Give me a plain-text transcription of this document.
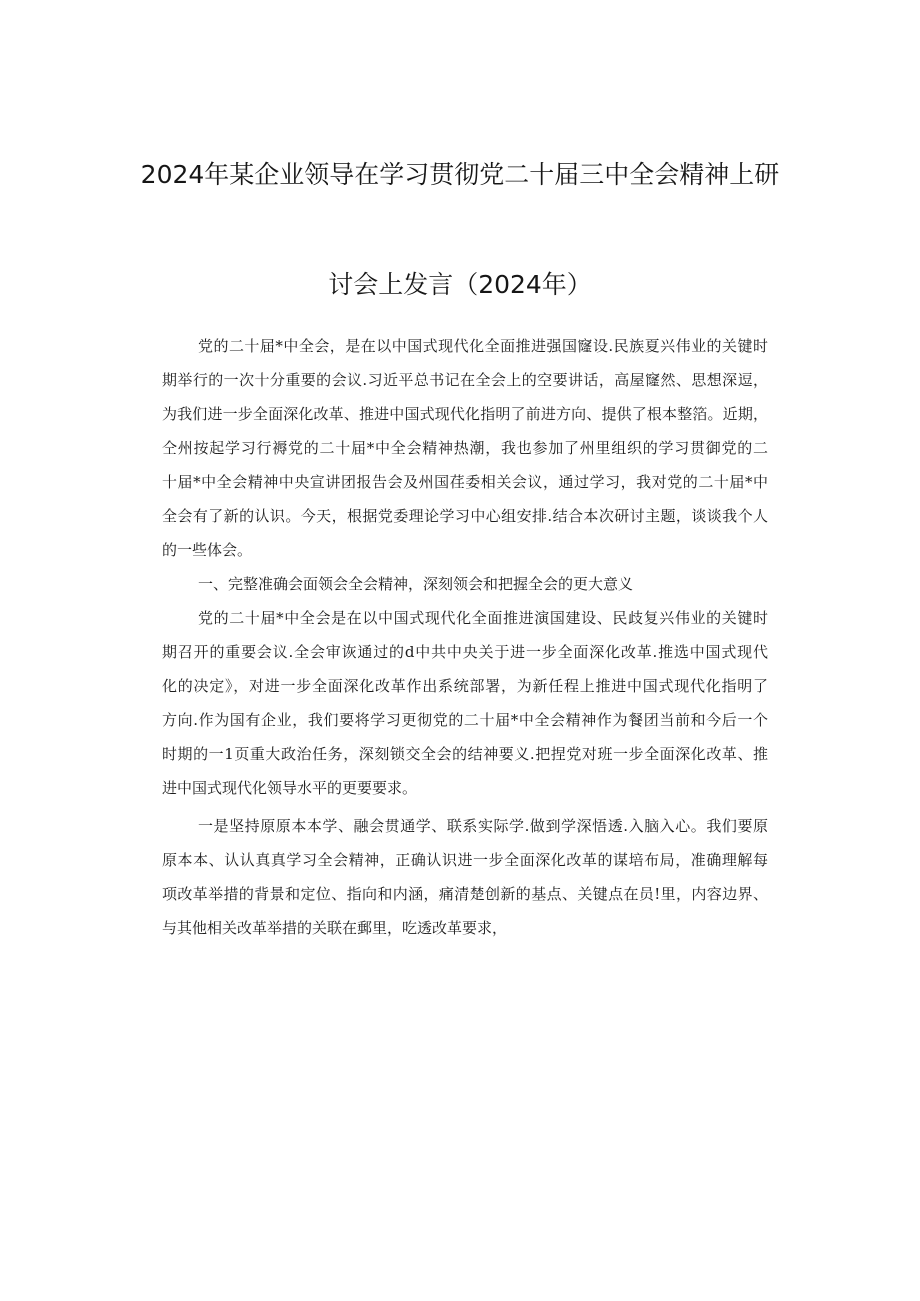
2024年某企业领导在学习贯彻党二十届三中全会精神上研
讨会上发言（2024年）
党的二十届*中全会，是在以中国式现代化全面推进强国窿设.民族夏兴伟业的关键时
期举行的一次十分重要的会议.习近平总书记在全会上的空要讲话，高屋窿然、思想深逗，
为我们进一步全面深化改革、推进中国式现代化指明了前进方向、提供了根本整箔。近期，
仝州按起学习行褥党的二十届*中全会精神热潮，我也参加了州里组织的学习贯御党的二
十届*中全会精神中央宣讲团报告会及州国荏委相关会议，通过学习，我对党的二十届*中
全会有了新的认识。今天，根据党委理论学习中心组安排.结合本次研讨主题，谈谈我个人
的一些体会。
一、完整准确会面领会全会精神，深刻领会和把握全会的更大意义
党的二十届*中全会是在以中国式现代化全面推进演国建设、民歧复兴伟业的关键时
期召开的重要会议.全会审诙通过的d中共中央关于进一步全面深化改革.推选中国式现代
化的决定》，对进一步全面深化改革作出系统部署，为新任程上推进中国式现代化指明了
方向.作为国有企业，我们要将学习更彻党的二十届*中全会精神作为餐团当前和今后一个
时期的一1页重大政治任务，深刻锁交全会的结神要义.把捏党对班一步全面深化改革、推
进中国式现代化领导水平的更要要求。
一是坚持原原本本学、融会贯通学、联系实际学.做到学深悟透.入脑入心。我们要原
原本本、认认真真学习全会精神，正确认识进一步全面深化改革的谋培布局，准确理解每
项改革举措的背景和定位、指向和内涵，痛清楚创新的基点、关键点在员!里，内容边界、
与其他相关改革举措的关联在郵里，吃透改革要求，
